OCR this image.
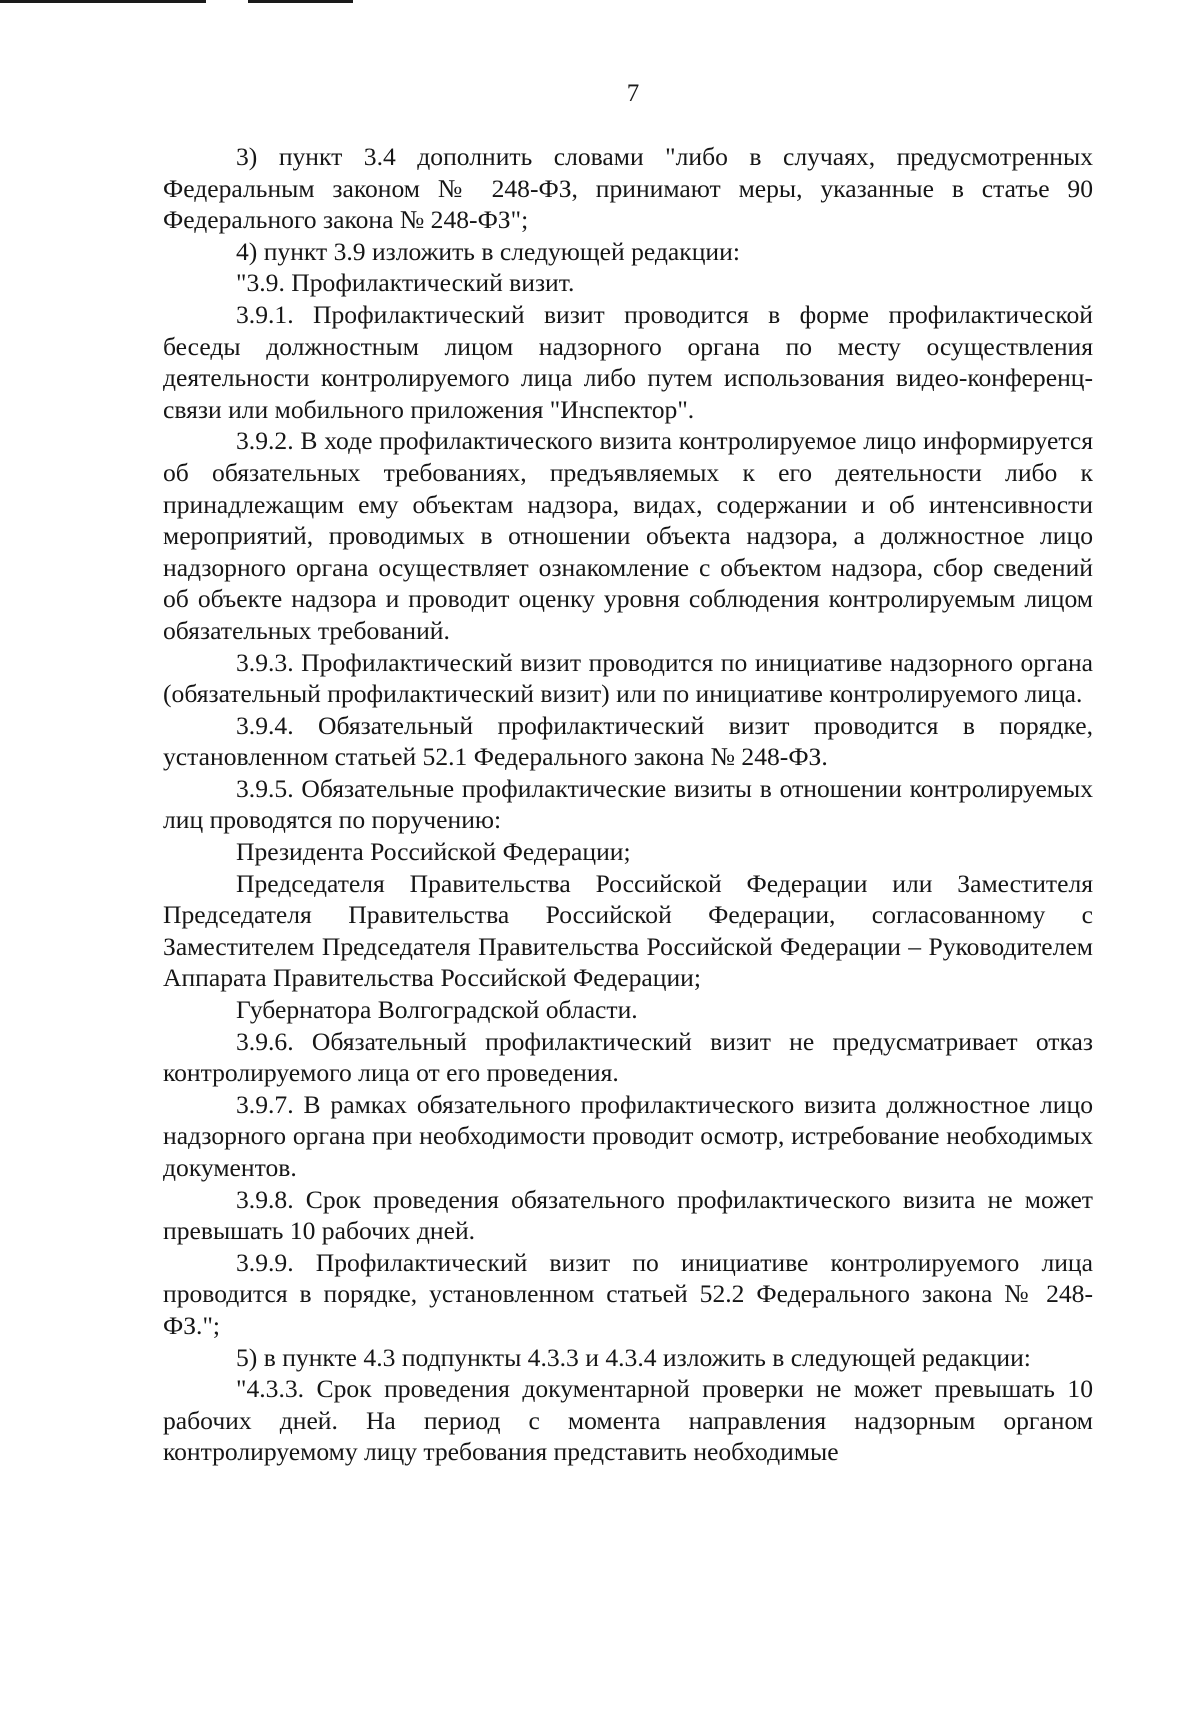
7

3) пункт 3.4 дополнить словами "либо в случаях, предусмотренных Федеральным законом № 248-ФЗ, принимают меры, указанные в статье 90 Федерального закона № 248-ФЗ";

4) пункт 3.9 изложить в следующей редакции:

"3.9. Профилактический визит.

3.9.1. Профилактический визит проводится в форме профилактической беседы должностным лицом надзорного органа по месту осуществления деятельности контролируемого лица либо путем использования видео-конференц-связи или мобильного приложения "Инспектор".

3.9.2. В ходе профилактического визита контролируемое лицо информируется об обязательных требованиях, предъявляемых к его деятельности либо к принадлежащим ему объектам надзора, видах, содержании и об интенсивности мероприятий, проводимых в отношении объекта надзора, а должностное лицо надзорного органа осуществляет ознакомление с объектом надзора, сбор сведений об объекте надзора и проводит оценку уровня соблюдения контролируемым лицом обязательных требований.

3.9.3. Профилактический визит проводится по инициативе надзорного органа (обязательный профилактический визит) или по инициативе контролируемого лица.

3.9.4. Обязательный профилактический визит проводится в порядке, установленном статьей 52.1 Федерального закона № 248-ФЗ.

3.9.5. Обязательные профилактические визиты в отношении контролируемых лиц проводятся по поручению:

Президента Российской Федерации;

Председателя Правительства Российской Федерации или Заместителя Председателя Правительства Российской Федерации, согласованному с Заместителем Председателя Правительства Российской Федерации – Руководителем Аппарата Правительства Российской Федерации;

Губернатора Волгоградской области.

3.9.6. Обязательный профилактический визит не предусматривает отказ контролируемого лица от его проведения.

3.9.7. В рамках обязательного профилактического визита должностное лицо надзорного органа при необходимости проводит осмотр, истребование необходимых документов.

3.9.8. Срок проведения обязательного профилактического визита не может превышать 10 рабочих дней.

3.9.9. Профилактический визит по инициативе контролируемого лица проводится в порядке, установленном статьей 52.2 Федерального закона № 248-ФЗ.";

5) в пункте 4.3 подпункты 4.3.3 и 4.3.4 изложить в следующей редакции:

"4.3.3. Срок проведения документарной проверки не может превышать 10 рабочих дней. На период с момента направления надзорным органом контролируемому лицу требования представить необходимые
